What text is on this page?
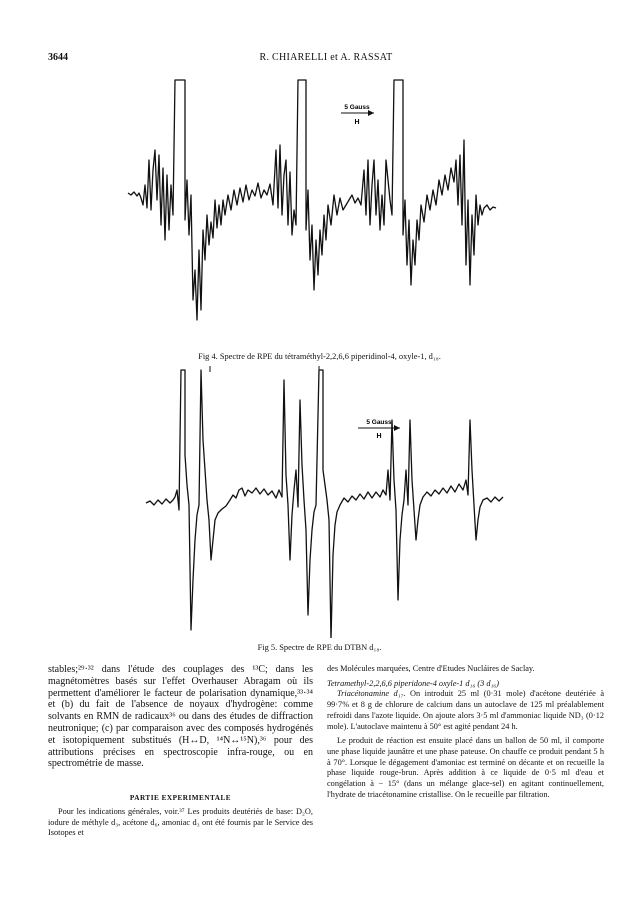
3644	R. CHIARELLI et A. RASSAT
5 Gauss
H
Fig 4. Spectre de RPE du tétraméthyl-2,2,6,6 piperidinol-4, oxyle-1, d₁₈.
5 Gauss
H
Fig 5. Spectre de RPE du DTBN d₁₈.

stables;²⁹·³² dans l'étude des couplages des ¹³C; dans les magnétomètres basés sur l'effet Overhauser Abragam où ils permettent d'améliorer le facteur de polarisation dynamique,³³·³⁴ et (b) du fait de l'absence de noyaux d'hydrogène: comme solvants en RMN de radicaux³⁶ ou dans des études de diffraction neutronique; (c) par comparaison avec des composés hydrogénés et isotopiquement substitués (H↔D, ¹⁴N↔¹⁵N),³⁶ pour des attributions précises en spectroscopie infra-rouge, ou en spectrométrie de masse.

PARTIE EXPERIMENTALE

Pour les indications générales, voir.³⁷ Les produits deutériés de base: D₂O, iodure de méthyle d₃, acétone d₆, amoniac d₃ ont été fournis par le Service des Isotopes et

des Molécules marquées, Centre d'Etudes Nucláires de Saclay.

Tetramethyl-2,2,6,6 piperidone-4 oxyle-1 d₁₆ (3 d₁₆)

Triacétonamine d₁₇. On introduit 25 ml (0·31 mole) d'acétone deutériée à 99·7% et 8 g de chlorure de calcium dans un autoclave de 125 ml préalablement refroidi dans l'azote liquide. On ajoute alors 3·5 ml d'ammoniac liquide ND₃ (0·12 mole). L'autoclave maintenu à 50° est agité pendant 24 h.

Le produit de réaction est ensuite placé dans un ballon de 50 ml, il comporte une phase liquide jaunâtre et une phase pateuse. On chauffe ce produit pendant 5 h à 70°. Lorsque le dégagement d'amoniac est terminé on décante et on recueille la phase liquide rouge-brun. Après addition à ce liquide de 0·5 ml d'eau et congélation à − 15° (dans un mélange glace-sel) en agitant continuellement, l'hydrate de triacétonamine cristallise. On le recueille par filtration.
